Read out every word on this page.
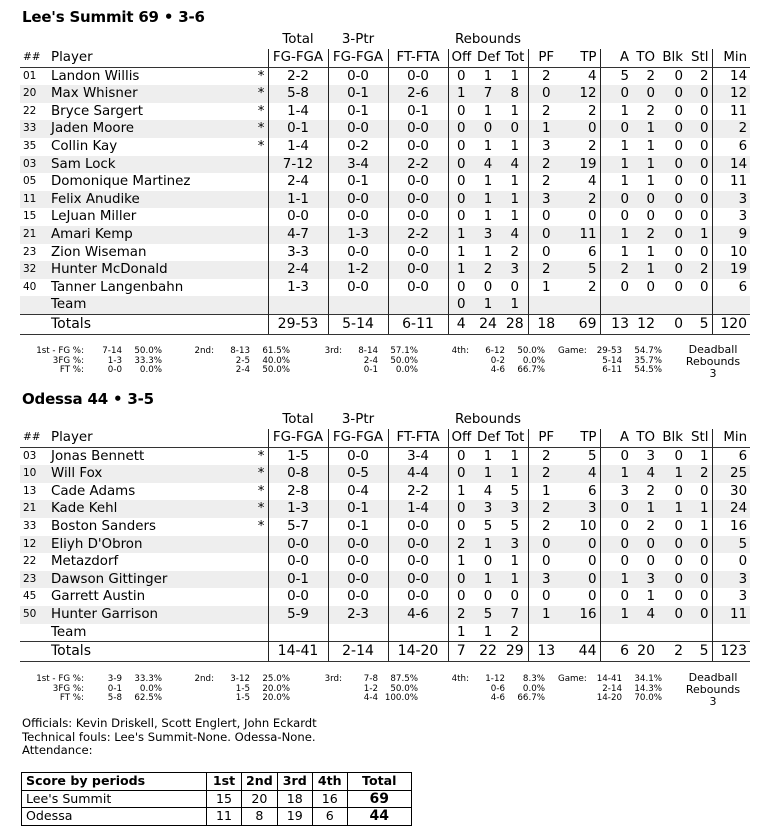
Lee's Summit 69 • 3-6
			Total	3-Ptr		Rebounds									
##	Player		FG-FGA	FG-FGA	FT-FTA	Off	Def	Tot	PF	TP	A	TO	Blk	Stl	Min
01	Landon Willis	*	2-2	0-0	0-0	0	1	1	2	4	5	2	0	2	14
20	Max Whisner	*	5-8	0-1	2-6	1	7	8	0	12	0	0	0	0	12
22	Bryce Sargert	*	1-4	0-1	0-1	0	1	1	2	2	1	2	0	0	11
33	Jaden Moore	*	0-1	0-0	0-0	0	0	0	1	0	0	1	0	0	2
35	Collin Kay	*	1-4	0-2	0-0	0	1	1	3	2	1	1	0	0	6
03	Sam Lock		7-12	3-4	2-2	0	4	4	2	19	1	1	0	0	14
05	Domonique Martinez		2-4	0-1	0-0	0	1	1	2	4	1	1	0	0	11
11	Felix Anudike		1-1	0-0	0-0	0	1	1	3	2	0	0	0	0	3
15	LeJuan Miller		0-0	0-0	0-0	0	1	1	0	0	0	0	0	0	3
21	Amari Kemp		4-7	1-3	2-2	1	3	4	0	11	1	2	0	1	9
23	Zion Wiseman		3-3	0-0	0-0	1	1	2	0	6	1	1	0	0	10
32	Hunter McDonald		2-4	1-2	0-0	1	2	3	2	5	2	1	0	2	19
40	Tanner Langenbahn		1-3	0-0	0-0	0	0	0	1	2	0	0	0	0	6
	Team					0	1	1							
	Totals		29-53	5-14	6-11	4	24	28	18	69	13	12	0	5	120
1st - FG %:	7-14	50.0%	2nd:	8-13	61.5%	3rd:	8-14	57.1%	4th:	6-12	50.0% Game:	29-53	54.7%
3FG %:	1-3	33.3%	2-5	40.0%	2-4	50.0%	0-2	0.0%	5-14	35.7%
FT %:	0-0	0.0%	2-4	50.0%	0-1	0.0%	4-6	66.7%	6-11	54.5%
Deadball
Rebounds
3
Odessa 44 • 3-5
			Total	3-Ptr		Rebounds									
##	Player		FG-FGA	FG-FGA	FT-FTA	Off	Def	Tot	PF	TP	A	TO	Blk	Stl	Min
03	Jonas Bennett	*	1-5	0-0	3-4	0	1	1	2	5	0	3	0	1	6
10	Will Fox	*	0-8	0-5	4-4	0	1	1	2	4	1	4	1	2	25
13	Cade Adams	*	2-8	0-4	2-2	1	4	5	1	6	3	2	0	0	30
21	Kade Kehl	*	1-3	0-1	1-4	0	3	3	2	3	0	1	1	1	24
33	Boston Sanders	*	5-7	0-1	0-0	0	5	5	2	10	0	2	0	1	16
12	Eliyh D'Obron		0-0	0-0	0-0	2	1	3	0	0	0	0	0	0	5
22	Metazdorf		0-0	0-0	0-0	1	0	1	0	0	0	0	0	0	0
23	Dawson Gittinger		0-1	0-0	0-0	0	1	1	3	0	1	3	0	0	3
45	Garrett Austin		0-0	0-0	0-0	0	0	0	0	0	0	1	0	0	3
50	Hunter Garrison		5-9	2-3	4-6	2	5	7	1	16	1	4	0	0	11
	Team					1	1	2							
	Totals		14-41	2-14	14-20	7	22	29	13	44	6	20	2	5	123
1st - FG %:	3-9	33.3%	2nd:	3-12	25.0%	3rd:	7-8	87.5%	4th:	1-12	8.3% Game:	14-41	34.1%
3FG %:	0-1	0.0%	1-5	20.0%	1-2	50.0%	0-6	0.0%	2-14	14.3%
FT %:	5-8	62.5%	1-5	20.0%	4-4 100.0%	4-6	66.7%	14-20	70.0%
Deadball
Rebounds
3
Officials: Kevin Driskell, Scott Englert, John Eckardt
Technical fouls: Lee's Summit-None. Odessa-None.
Attendance:
Score by periods	1st	2nd	3rd	4th	Total
Lee's Summit	15	20	18	16	69
Odessa	11	8	19	6	44
